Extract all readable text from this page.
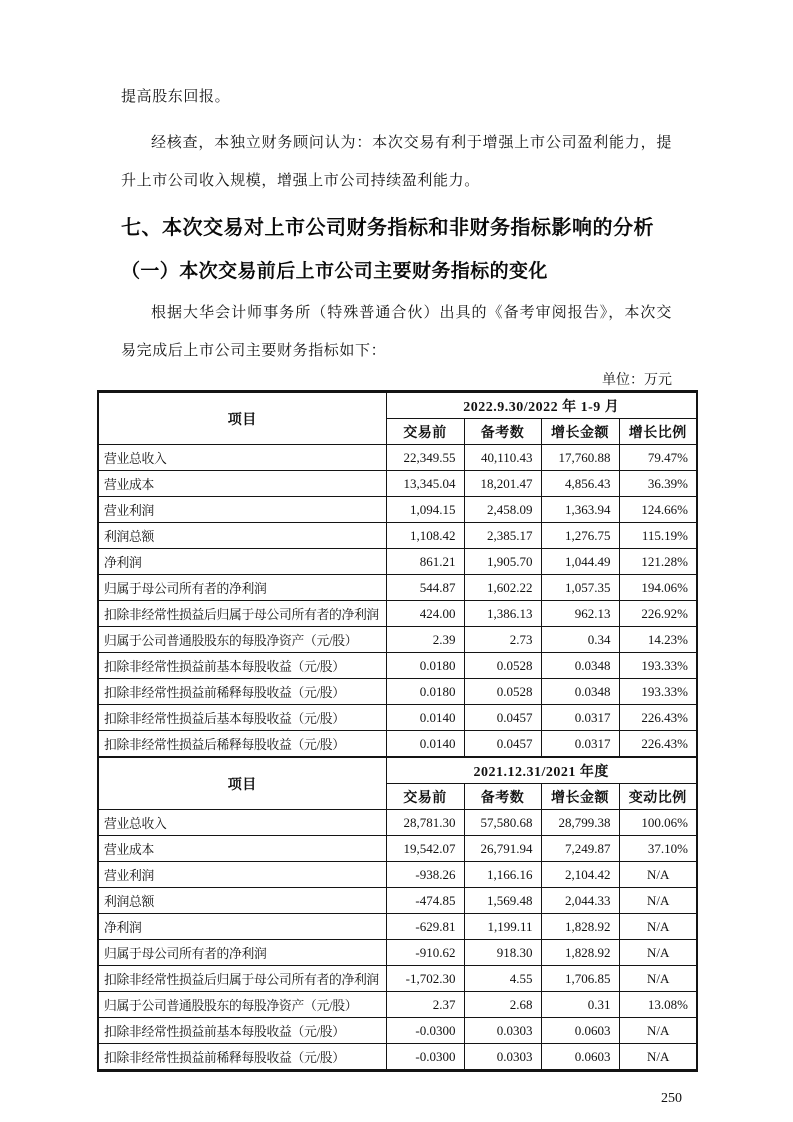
提高股东回报。

经核查，本独立财务顾问认为：本次交易有利于增强上市公司盈利能力，提升上市公司收入规模，增强上市公司持续盈利能力。

七、本次交易对上市公司财务指标和非财务指标影响的分析
（一）本次交易前后上市公司主要财务指标的变化

根据大华会计师事务所（特殊普通合伙）出具的《备考审阅报告》，本次交易完成后上市公司主要财务指标如下：

单位：万元
项目	2022.9.30/2022 年 1-9 月			
	交易前	备考数	增长金额	增长比例
营业总收入	22,349.55	40,110.43	17,760.88	79.47%
营业成本	13,345.04	18,201.47	4,856.43	36.39%
营业利润	1,094.15	2,458.09	1,363.94	124.66%
利润总额	1,108.42	2,385.17	1,276.75	115.19%
净利润	861.21	1,905.70	1,044.49	121.28%
归属于母公司所有者的净利润	544.87	1,602.22	1,057.35	194.06%
扣除非经常性损益后归属于母公司所有者的净利润	424.00	1,386.13	962.13	226.92%
归属于公司普通股股东的每股净资产（元/股）	2.39	2.73	0.34	14.23%
扣除非经常性损益前基本每股收益（元/股）	0.0180	0.0528	0.0348	193.33%
扣除非经常性损益前稀释每股收益（元/股）	0.0180	0.0528	0.0348	193.33%
扣除非经常性损益后基本每股收益（元/股）	0.0140	0.0457	0.0317	226.43%
扣除非经常性损益后稀释每股收益（元/股）	0.0140	0.0457	0.0317	226.43%
项目	2021.12.31/2021 年度			
	交易前	备考数	增长金额	变动比例
营业总收入	28,781.30	57,580.68	28,799.38	100.06%
营业成本	19,542.07	26,791.94	7,249.87	37.10%
营业利润	-938.26	1,166.16	2,104.42	N/A
利润总额	-474.85	1,569.48	2,044.33	N/A
净利润	-629.81	1,199.11	1,828.92	N/A
归属于母公司所有者的净利润	-910.62	918.30	1,828.92	N/A
扣除非经常性损益后归属于母公司所有者的净利润	-1,702.30	4.55	1,706.85	N/A
归属于公司普通股股东的每股净资产（元/股）	2.37	2.68	0.31	13.08%
扣除非经常性损益前基本每股收益（元/股）	-0.0300	0.0303	0.0603	N/A
扣除非经常性损益前稀释每股收益（元/股）	-0.0300	0.0303	0.0603	N/A
250
